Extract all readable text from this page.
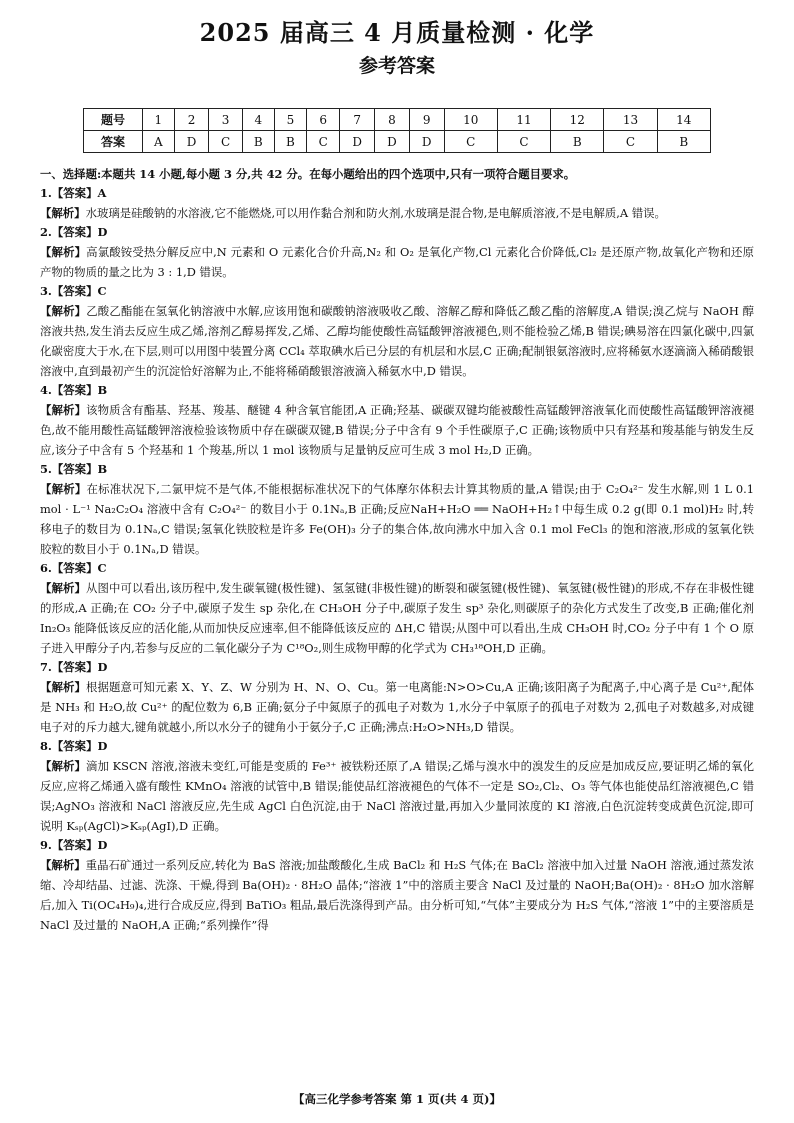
2025 届高三 4 月质量检测 · 化学
参考答案
题号	1	2	3	4	5	6	7	8	9	10	11	12	13	14
答案	A	D	C	B	B	C	D	D	D	C	C	B	C	B
一、选择题:本题共 14 小题,每小题 3 分,共 42 分。在每小题给出的四个选项中,只有一项符合题目要求。
1.【答案】A

【解析】水玻璃是硅酸钠的水溶液,它不能燃烧,可以用作黏合剂和防火剂,水玻璃是混合物,是电解质溶液,不是电解质,A 错误。

2.【答案】D

【解析】高氯酸铵受热分解反应中,N 元素和 O 元素化合价升高,N₂ 和 O₂ 是氧化产物,Cl 元素化合价降低,Cl₂ 是还原产物,故氧化产物和还原产物的物质的量之比为 3 : 1,D 错误。

3.【答案】C

【解析】乙酸乙酯能在氢氧化钠溶液中水解,应该用饱和碳酸钠溶液吸收乙酸、溶解乙醇和降低乙酸乙酯的溶解度,A 错误;溴乙烷与 NaOH 醇溶液共热,发生消去反应生成乙烯,溶剂乙醇易挥发,乙烯、乙醇均能使酸性高锰酸钾溶液褪色,则不能检验乙烯,B 错误;碘易溶在四氯化碳中,四氯化碳密度大于水,在下层,则可以用图中装置分离 CCl₄ 萃取碘水后已分层的有机层和水层,C 正确;配制银氨溶液时,应将稀氨水逐滴滴入稀硝酸银溶液中,直到最初产生的沉淀恰好溶解为止,不能将稀硝酸银溶液滴入稀氨水中,D 错误。

4.【答案】B

【解析】该物质含有酯基、羟基、羧基、醚键 4 种含氧官能团,A 正确;羟基、碳碳双键均能被酸性高锰酸钾溶液氧化而使酸性高锰酸钾溶液褪色,故不能用酸性高锰酸钾溶液检验该物质中存在碳碳双键,B 错误;分子中含有 9 个手性碳原子,C 正确;该物质中只有羟基和羧基能与钠发生反应,该分子中含有 5 个羟基和 1 个羧基,所以 1 mol 该物质与足量钠反应可生成 3 mol H₂,D 正确。

5.【答案】B

【解析】在标准状况下,二氯甲烷不是气体,不能根据标准状况下的气体摩尔体积去计算其物质的量,A 错误;由于 C₂O₄²⁻ 发生水解,则 1 L 0.1 mol · L⁻¹ Na₂C₂O₄ 溶液中含有 C₂O₄²⁻ 的数目小于 0.1Nₐ,B 正确;反应NaH+H₂O ══ NaOH+H₂↑中每生成 0.2 g(即 0.1 mol)H₂ 时,转移电子的数目为 0.1Nₐ,C 错误;氢氧化铁胶粒是许多 Fe(OH)₃ 分子的集合体,故向沸水中加入含 0.1 mol FeCl₃ 的饱和溶液,形成的氢氧化铁胶粒的数目小于 0.1Nₐ,D 错误。

6.【答案】C

【解析】从图中可以看出,该历程中,发生碳氧键(极性键)、氢氢键(非极性键)的断裂和碳氢键(极性键)、氧氢键(极性键)的形成,不存在非极性键的形成,A 正确;在 CO₂ 分子中,碳原子发生 sp 杂化,在 CH₃OH 分子中,碳原子发生 sp³ 杂化,则碳原子的杂化方式发生了改变,B 正确;催化剂 In₂O₃ 能降低该反应的活化能,从而加快反应速率,但不能降低该反应的 ΔH,C 错误;从图中可以看出,生成 CH₃OH 时,CO₂ 分子中有 1 个 O 原子进入甲醇分子内,若参与反应的二氧化碳分子为 C¹⁸O₂,则生成物甲醇的化学式为 CH₃¹⁸OH,D 正确。

7.【答案】D

【解析】根据题意可知元素 X、Y、Z、W 分别为 H、N、O、Cu。第一电离能:N>O>Cu,A 正确;该阳离子为配离子,中心离子是 Cu²⁺,配体是 NH₃ 和 H₂O,故 Cu²⁺ 的配位数为 6,B 正确;氨分子中氮原子的孤电子对数为 1,水分子中氧原子的孤电子对数为 2,孤电子对数越多,对成键电子对的斥力越大,键角就越小,所以水分子的键角小于氨分子,C 正确;沸点:H₂O>NH₃,D 错误。

8.【答案】D

【解析】滴加 KSCN 溶液,溶液未变红,可能是变质的 Fe³⁺ 被铁粉还原了,A 错误;乙烯与溴水中的溴发生的反应是加成反应,要证明乙烯的氧化反应,应将乙烯通入盛有酸性 KMnO₄ 溶液的试管中,B 错误;能使品红溶液褪色的气体不一定是 SO₂,Cl₂、O₃ 等气体也能使品红溶液褪色,C 错误;AgNO₃ 溶液和 NaCl 溶液反应,先生成 AgCl 白色沉淀,由于 NaCl 溶液过量,再加入少量同浓度的 KI 溶液,白色沉淀转变成黄色沉淀,即可说明 Kₛₚ(AgCl)>Kₛₚ(AgI),D 正确。

9.【答案】D

【解析】重晶石矿通过一系列反应,转化为 BaS 溶液;加盐酸酸化,生成 BaCl₂ 和 H₂S 气体;在 BaCl₂ 溶液中加入过量 NaOH 溶液,通过蒸发浓缩、冷却结晶、过滤、洗涤、干燥,得到 Ba(OH)₂ · 8H₂O 晶体;“溶液 1”中的溶质主要含 NaCl 及过量的 NaOH;Ba(OH)₂ · 8H₂O 加水溶解后,加入 Ti(OC₄H₉)₄,进行合成反应,得到 BaTiO₃ 粗品,最后洗涤得到产品。由分析可知,“气体”主要成分为 H₂S 气体,“溶液 1”中的主要溶质是 NaCl 及过量的 NaOH,A 正确;“系列操作”得

【高三化学参考答案 第 1 页(共 4 页)】
